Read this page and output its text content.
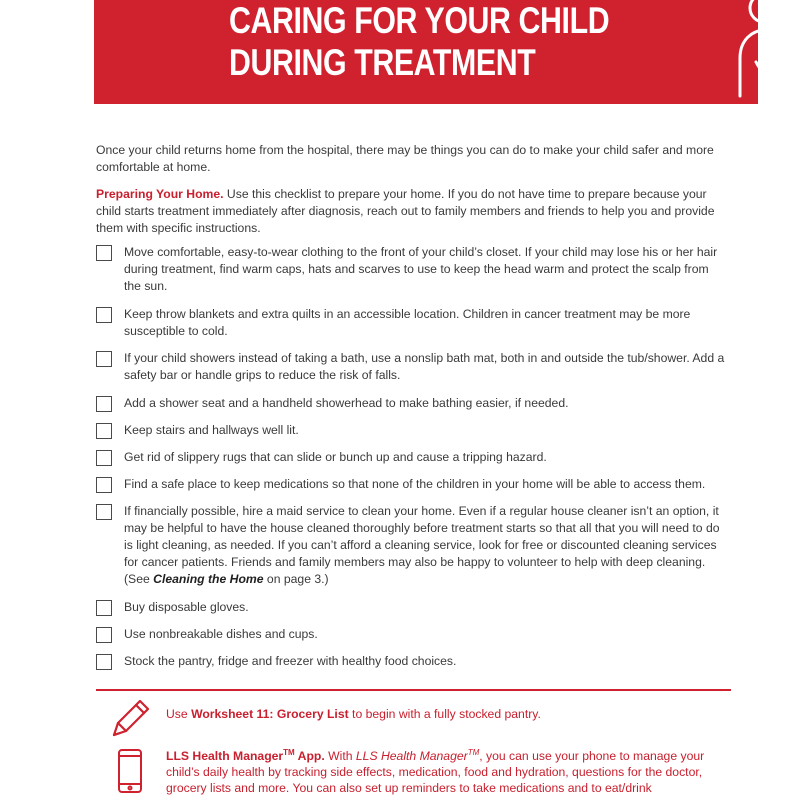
CARING FOR YOUR CHILD
DURING TREATMENT

Once your child returns home from the hospital, there may be things you can do to make your child safer and more comfortable at home.

Preparing Your Home. Use this checklist to prepare your home. If you do not have time to prepare because your child starts treatment immediately after diagnosis, reach out to family members and friends to help you and provide them with specific instructions.

Move comfortable, easy-to-wear clothing to the front of your child’s closet. If your child may lose his or her hair during treatment, find warm caps, hats and scarves to use to keep the head warm and protect the scalp from the sun.
Keep throw blankets and extra quilts in an accessible location. Children in cancer treatment may be more susceptible to cold.
If your child showers instead of taking a bath, use a nonslip bath mat, both in and outside the tub/shower. Add a safety bar or handle grips to reduce the risk of falls.
Add a shower seat and a handheld showerhead to make bathing easier, if needed.
Keep stairs and hallways well lit.
Get rid of slippery rugs that can slide or bunch up and cause a tripping hazard.
Find a safe place to keep medications so that none of the children in your home will be able to access them.
If financially possible, hire a maid service to clean your home. Even if a regular house cleaner isn’t an option, it may be helpful to have the house cleaned thoroughly before treatment starts so that all that you will need to do is light cleaning, as needed. If you can’t afford a cleaning service, look for free or discounted cleaning services for cancer patients. Friends and family members may also be happy to volunteer to help with deep cleaning. (See Cleaning the Home on page 3.)
Buy disposable gloves.
Use nonbreakable dishes and cups.
Stock the pantry, fridge and freezer with healthy food choices.

Use Worksheet 11: Grocery List to begin with a fully stocked pantry.

LLS Health Manager™ App. With LLS Health Manager™, you can use your phone to manage your child’s daily health by tracking side effects, medication, food and hydration, questions for the doctor, grocery lists and more. You can also set up reminders to take medications and to eat/drink
